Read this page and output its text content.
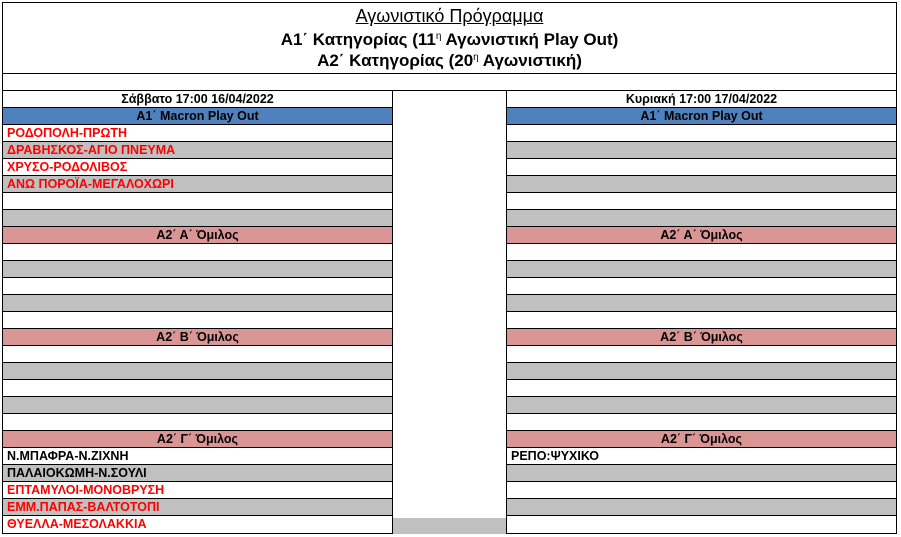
Αγωνιστικό Πρόγραμμα
Α1΄ Κατηγορίας ($11^\eta$ Αγωνιστική Play Out)
Α2΄ Κατηγορίας ($20^\eta$ Αγωνιστική)
Σάββατο 17:00 16/04/2022
Α1΄ Macron Play Out
ΡΟΔΟΠΟΛΗ-ΠΡΩΤΗ
ΔΡΑΒΗΣΚΟΣ-ΑΓΙΟ ΠΝΕΥΜΑ
ΧΡΥΣΟ-ΡΟΔΟΛΙΒΟΣ
ΑΝΩ ΠΟΡΟΪΑ-ΜΕΓΑΛΟΧΩΡΙ
Α2΄ Α΄ Όμιλος
Α2΄ Β΄ Όμιλος
Α2΄ Γ΄ Όμιλος
Ν.ΜΠΑΦΡΑ-Ν.ΖΙΧΝΗ
ΠΑΛΑΙΟΚΩΜΗ-Ν.ΣΟΥΛΙ
ΕΠΤΑΜΥΛΟΙ-ΜΟΝΟΒΡΥΣΗ
ΕΜΜ.ΠΑΠΑΣ-ΒΑΛΤΟΤΟΠΙ
ΘΥΕΛΛΑ-ΜΕΣΟΛΑΚΚΙΑ
Κυριακή 17:00 17/04/2022
Α1΄ Macron Play Out
Α2΄ Α΄ Όμιλος
Α2΄ Β΄ Όμιλος
Α2΄ Γ΄ Όμιλος
ΡΕΠΟ:ΨΥΧΙΚΟ
